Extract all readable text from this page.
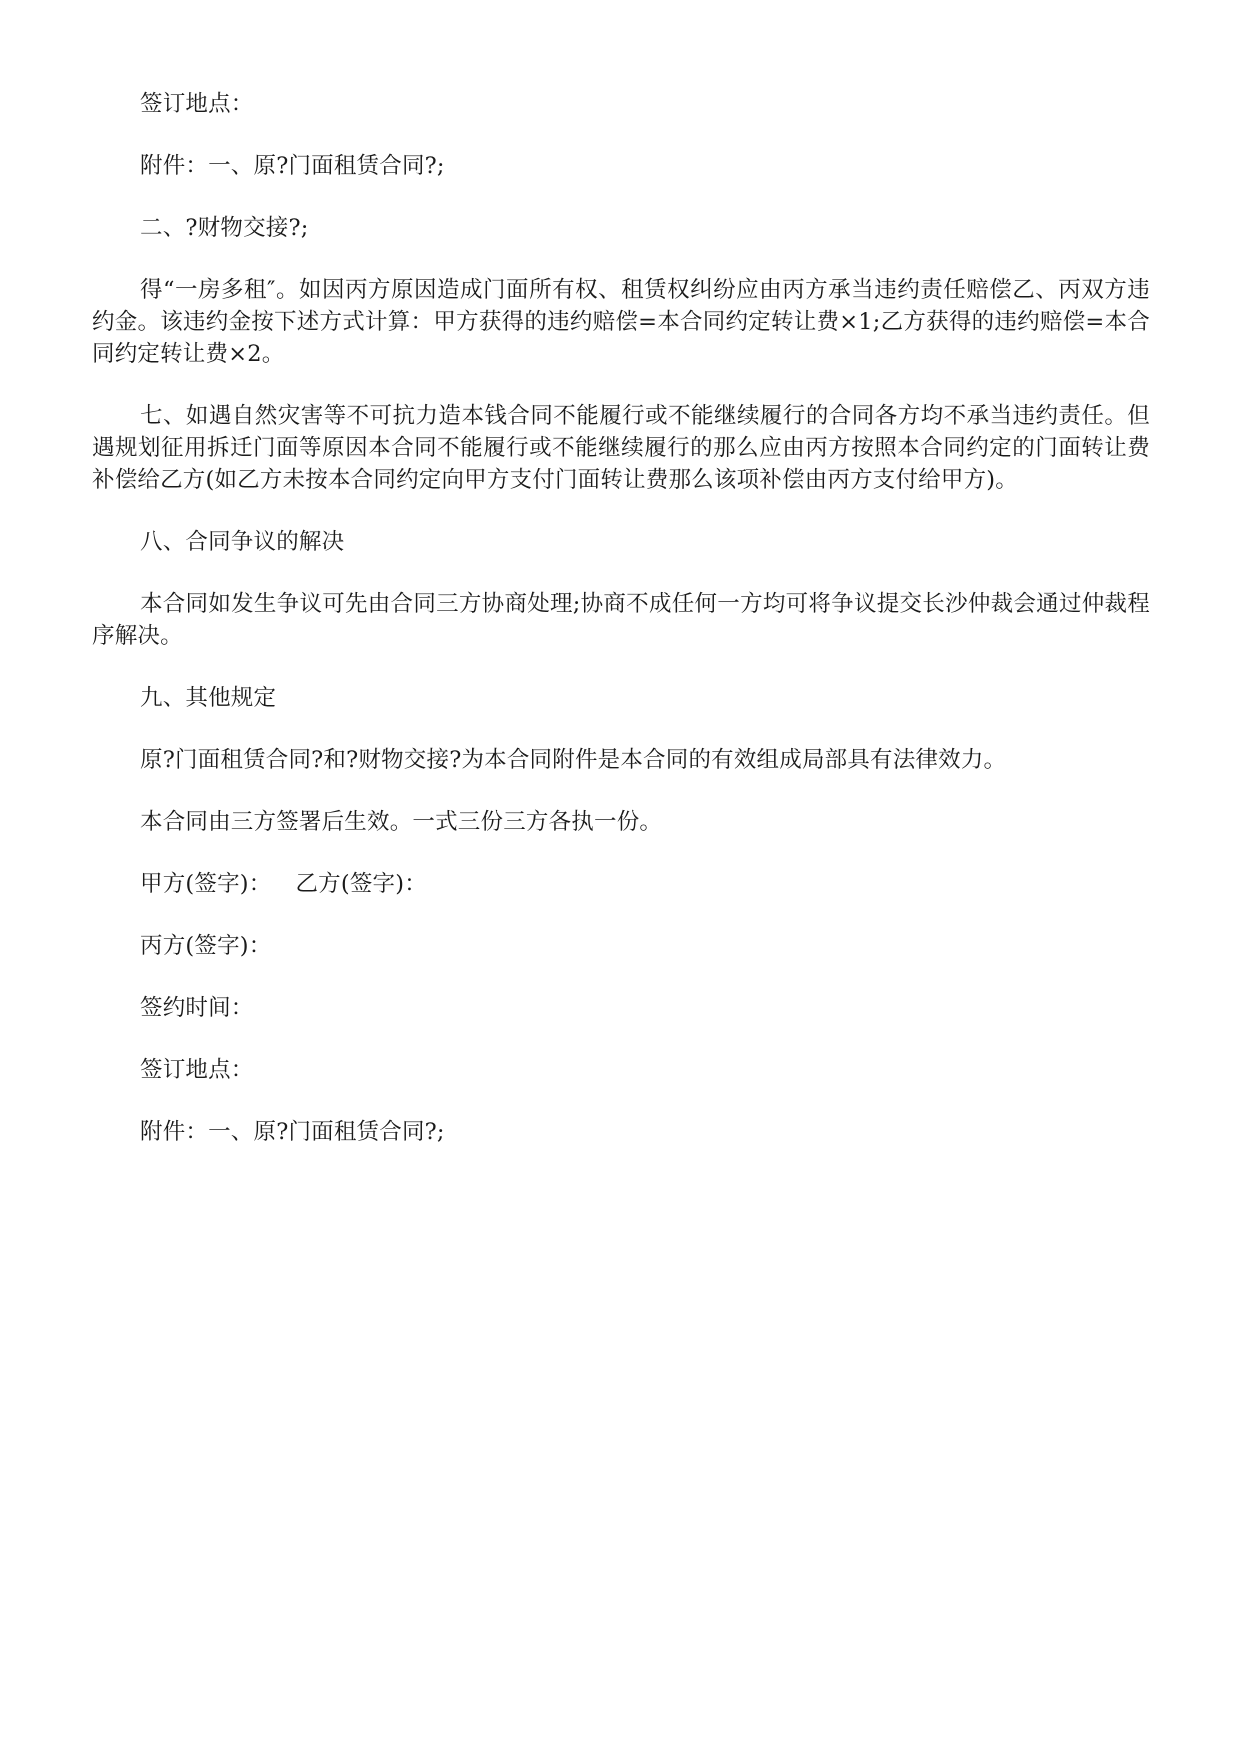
签订地点：

附件：一、原?门面租赁合同?;

二、?财物交接?;

得“一房多租″。如因丙方原因造成门面所有权、租赁权纠纷应由丙方承当违约责任赔偿乙、丙双方违约金。该违约金按下述方式计算：甲方获得的违约赔偿=本合同约定转让费×1;乙方获得的违约赔偿=本合同约定转让费×2。

七、如遇自然灾害等不可抗力造本钱合同不能履行或不能继续履行的合同各方均不承当违约责任。但遇规划征用拆迁门面等原因本合同不能履行或不能继续履行的那么应由丙方按照本合同约定的门面转让费补偿给乙方(如乙方未按本合同约定向甲方支付门面转让费那么该项补偿由丙方支付给甲方)。

八、合同争议的解决

本合同如发生争议可先由合同三方协商处理;协商不成任何一方均可将争议提交长沙仲裁会通过仲裁程序解决。

九、其他规定

原?门面租赁合同?和?财物交接?为本合同附件是本合同的有效组成局部具有法律效力。

本合同由三方签署后生效。一式三份三方各执一份。

甲方(签字)： 乙方(签字)：

丙方(签字)：

签约时间：

签订地点：

附件：一、原?门面租赁合同?;
